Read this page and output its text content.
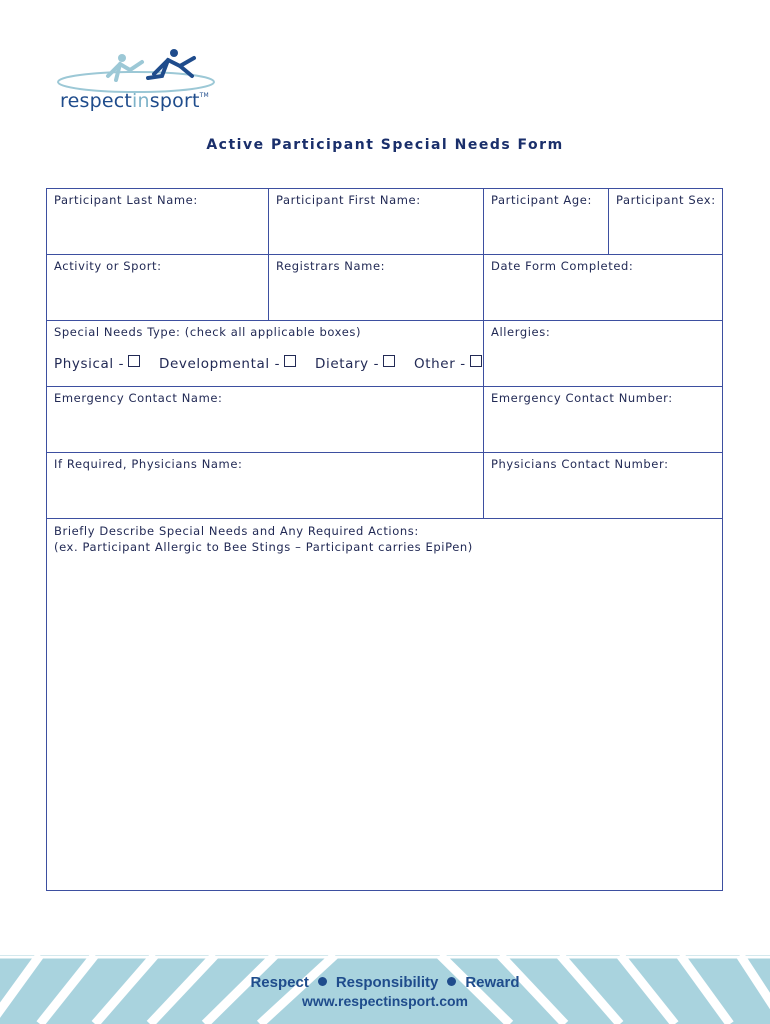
respectinsport™
Active Participant Special Needs Form
Participant Last Name:	Participant First Name:	Participant Age: Participant Sex:
Activity or Sport:	Registrars Name:	Date Form Completed:
Special Needs Type: (check all applicable boxes)
Physical -	Developmental -	Dietary -	Other -
Allergies:
Emergency Contact Name:	Emergency Contact Number:
If Required, Physicians Name:	Physicians Contact Number:
Briefly Describe Special Needs and Any Required Actions:
(ex. Participant Allergic to Bee Stings – Participant carries EpiPen)
Respect Responsibility Reward
www.respectinsport.com
